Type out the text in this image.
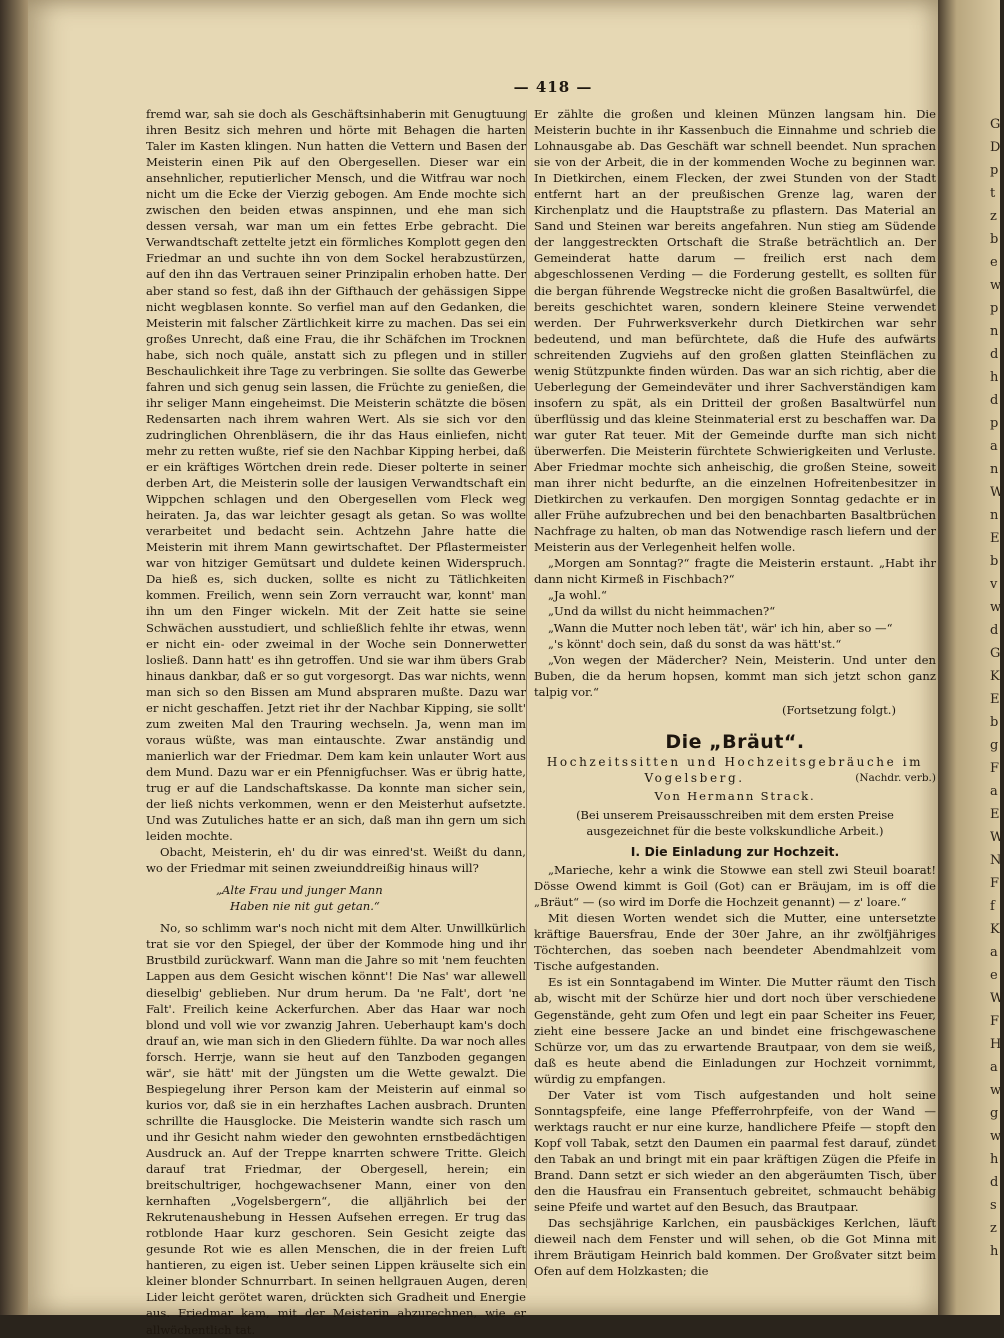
— 418 —

fremd war, sah sie doch als Geschäftsinhaberin mit Genugtuung ihren Besitz sich mehren und hörte mit Behagen die harten Taler im Kasten klingen. Nun hatten die Vettern und Basen der Meisterin einen Pik auf den Obergesellen. Dieser war ein ansehnlicher, reputierlicher Mensch, und die Witfrau war noch nicht um die Ecke der Vierzig gebogen. Am Ende mochte sich zwischen den beiden etwas anspinnen, und ehe man sich dessen versah, war man um ein fettes Erbe gebracht. Die Verwandtschaft zettelte jetzt ein förmliches Komplott gegen den Friedmar an und suchte ihn von dem Sockel herabzustürzen, auf den ihn das Vertrauen seiner Prinzipalin erhoben hatte. Der aber stand so fest, daß ihn der Gifthauch der gehässigen Sippe nicht wegblasen konnte. So verfiel man auf den Gedanken, die Meisterin mit falscher Zärtlichkeit kirre zu machen. Das sei ein großes Unrecht, daß eine Frau, die ihr Schäfchen im Trocknen habe, sich noch quäle, anstatt sich zu pflegen und in stiller Beschaulichkeit ihre Tage zu verbringen. Sie sollte das Gewerbe fahren und sich genug sein lassen, die Früchte zu genießen, die ihr seliger Mann eingeheimst. Die Meisterin schätzte die bösen Redensarten nach ihrem wahren Wert. Als sie sich vor den zudringlichen Ohrenbläsern, die ihr das Haus einliefen, nicht mehr zu retten wußte, rief sie den Nachbar Kipping herbei, daß er ein kräftiges Wörtchen drein rede. Dieser polterte in seiner derben Art, die Meisterin solle der lausigen Verwandtschaft ein Wippchen schlagen und den Obergesellen vom Fleck weg heiraten. Ja, das war leichter gesagt als getan. So was wollte verarbeitet und bedacht sein. Achtzehn Jahre hatte die Meisterin mit ihrem Mann gewirtschaftet. Der Pflastermeister war von hitziger Gemütsart und duldete keinen Widerspruch. Da hieß es, sich ducken, sollte es nicht zu Tätlichkeiten kommen. Freilich, wenn sein Zorn verraucht war, konnt' man ihn um den Finger wickeln. Mit der Zeit hatte sie seine Schwächen ausstudiert, und schließlich fehlte ihr etwas, wenn er nicht ein- oder zweimal in der Woche sein Donnerwetter losließ. Dann hatt' es ihn getroffen. Und sie war ihm übers Grab hinaus dankbar, daß er so gut vorgesorgt. Das war nichts, wenn man sich so den Bissen am Mund abspraren mußte. Dazu war er nicht geschaffen. Jetzt riet ihr der Nachbar Kipping, sie sollt' zum zweiten Mal den Trauring wechseln. Ja, wenn man im voraus wüßte, was man eintauschte. Zwar anständig und manierlich war der Friedmar. Dem kam kein unlauter Wort aus dem Mund. Dazu war er ein Pfennigfuchser. Was er übrig hatte, trug er auf die Landschaftskasse. Da konnte man sicher sein, der ließ nichts verkommen, wenn er den Meisterhut aufsetzte. Und was Zutuliches hatte er an sich, daß man ihn gern um sich leiden mochte.

Obacht, Meisterin, eh' du dir was einred'st. Weißt du dann, wo der Friedmar mit seinen zweiunddreißig hinaus will?

„Alte Frau und junger Mann
Haben nie nit gut getan.“

No, so schlimm war's noch nicht mit dem Alter. Unwillkürlich trat sie vor den Spiegel, der über der Kommode hing und ihr Brustbild zurückwarf. Wann man die Jahre so mit 'nem feuchten Lappen aus dem Gesicht wischen könnt'! Die Nas' war allewell dieselbig' geblieben. Nur drum herum. Da 'ne Falt', dort 'ne Falt'. Freilich keine Ackerfurchen. Aber das Haar war noch blond und voll wie vor zwanzig Jahren. Ueberhaupt kam's doch drauf an, wie man sich in den Gliedern fühlte. Da war noch alles forsch. Herrje, wann sie heut auf den Tanzboden gegangen wär', sie hätt' mit der Jüngsten um die Wette gewalzt. Die Bespiegelung ihrer Person kam der Meisterin auf einmal so kurios vor, daß sie in ein herzhaftes Lachen ausbrach. Drunten schrillte die Hausglocke. Die Meisterin wandte sich rasch um und ihr Gesicht nahm wieder den gewohnten ernstbedächtigen Ausdruck an. Auf der Treppe knarrten schwere Tritte. Gleich darauf trat Friedmar, der Obergesell, herein; ein breitschultriger, hochgewachsener Mann, einer von den kernhaften „Vogelsbergern“, die alljährlich bei der Rekrutenaushebung in Hessen Aufsehen erregen. Er trug das rotblonde Haar kurz geschoren. Sein Gesicht zeigte das gesunde Rot wie es allen Menschen, die in der freien Luft hantieren, zu eigen ist. Ueber seinen Lippen kräuselte sich ein kleiner blonder Schnurrbart. In seinen hellgrauen Augen, deren Lider leicht gerötet waren, drückten sich Gradheit und Energie aus. Friedmar kam, mit der Meisterin abzurechnen, wie er allwöchentlich tat.

Er zählte die großen und kleinen Münzen langsam hin. Die Meisterin buchte in ihr Kassenbuch die Einnahme und schrieb die Lohnausgabe ab. Das Geschäft war schnell beendet. Nun sprachen sie von der Arbeit, die in der kommenden Woche zu beginnen war. In Dietkirchen, einem Flecken, der zwei Stunden von der Stadt entfernt hart an der preußischen Grenze lag, waren der Kirchenplatz und die Hauptstraße zu pflastern. Das Material an Sand und Steinen war bereits angefahren. Nun stieg am Südende der langgestreckten Ortschaft die Straße beträchtlich an. Der Gemeinderat hatte darum — freilich erst nach dem abgeschlossenen Verding — die Forderung gestellt, es sollten für die bergan führende Wegstrecke nicht die großen Basaltwürfel, die bereits geschichtet waren, sondern kleinere Steine verwendet werden. Der Fuhrwerksverkehr durch Dietkirchen war sehr bedeutend, und man befürchtete, daß die Hufe des aufwärts schreitenden Zugviehs auf den großen glatten Steinflächen zu wenig Stützpunkte finden würden. Das war an sich richtig, aber die Ueberlegung der Gemeindeväter und ihrer Sachverständigen kam insofern zu spät, als ein Dritteil der großen Basaltwürfel nun überflüssig und das kleine Steinmaterial erst zu beschaffen war. Da war guter Rat teuer. Mit der Gemeinde durfte man sich nicht überwerfen. Die Meisterin fürchtete Schwierigkeiten und Verluste. Aber Friedmar mochte sich anheischig, die großen Steine, soweit man ihrer nicht bedurfte, an die einzelnen Hofreitenbesitzer in Dietkirchen zu verkaufen. Den morgigen Sonntag gedachte er in aller Frühe aufzubrechen und bei den benachbarten Basaltbrüchen Nachfrage zu halten, ob man das Notwendige rasch liefern und der Meisterin aus der Verlegenheit helfen wolle.

„Morgen am Sonntag?“ fragte die Meisterin erstaunt. „Habt ihr dann nicht Kirmeß in Fischbach?“

„Ja wohl.“

„Und da willst du nicht heimmachen?“

„Wann die Mutter noch leben tät', wär' ich hin, aber so —“

„'s könnt' doch sein, daß du sonst da was hätt'st.“

„Von wegen der Mädercher? Nein, Meisterin. Und unter den Buben, die da herum hopsen, kommt man sich jetzt schon ganz talpig vor.“

(Fortsetzung folgt.)
Die „Bräut“.
Hochzeitssitten und Hochzeitsgebräuche im Vogelsberg.	(Nachdr. verb.)
Von Hermann Strack.
(Bei unserem Preisausschreiben mit dem ersten Preise ausgezeichnet für die beste volkskundliche Arbeit.)
I. Die Einladung zur Hochzeit.

„Marieche, kehr a wink die Stowwe ean stell zwi Steuil boarat! Dösse Owend kimmt is Goil (Got) can er Bräujam, im is off die „Bräut“ — (so wird im Dorfe die Hochzeit genannt) — z' loare.“

Mit diesen Worten wendet sich die Mutter, eine untersetzte kräftige Bauersfrau, Ende der 30er Jahre, an ihr zwölfjähriges Töchterchen, das soeben nach beendeter Abendmahlzeit vom Tische aufgestanden.

Es ist ein Sonntagabend im Winter. Die Mutter räumt den Tisch ab, wischt mit der Schürze hier und dort noch über verschiedene Gegenstände, geht zum Ofen und legt ein paar Scheiter ins Feuer, zieht eine bessere Jacke an und bindet eine frischgewaschene Schürze vor, um das zu erwartende Brautpaar, von dem sie weiß, daß es heute abend die Einladungen zur Hochzeit vornimmt, würdig zu empfangen.

Der Vater ist vom Tisch aufgestanden und holt seine Sonntagspfeife, eine lange Pfefferrohrpfeife, von der Wand — werktags raucht er nur eine kurze, handlichere Pfeife — stopft den Kopf voll Tabak, setzt den Daumen ein paarmal fest darauf, zündet den Tabak an und bringt mit ein paar kräftigen Zügen die Pfeife in Brand. Dann setzt er sich wieder an den abgeräumten Tisch, über den die Hausfrau ein Fransentuch gebreitet, schmaucht behäbig seine Pfeife und wartet auf den Besuch, das Brautpaar.

Das sechsjährige Karlchen, ein pausbäckiges Kerlchen, läuft dieweil nach dem Fenster und will sehen, ob die Got Minna mit ihrem Bräutigam Heinrich bald kommen. Der Großvater sitzt beim Ofen auf dem Holzkasten; die

G
D
p
t
z
b
e
w
p
n
d
h
d
p
a
n
W
n
E
b
v
w
d
G
K
E
b
g
F
a
E
W
N
F
f
K
a
e
W
F
H
a
w
g
w
h
d
s
z
h
